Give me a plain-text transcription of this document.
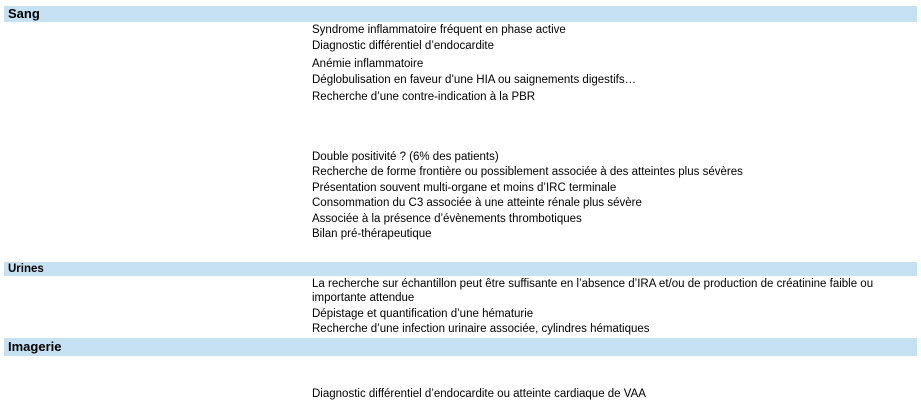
Sang
Syndrome inflammatoire fréquent en phase active
Diagnostic différentiel d’endocardite
Anémie inflammatoire
Déglobulisation en faveur d’une HIA ou saignements digestifs…
Recherche d’une contre-indication à la PBR
Double positivité ? (6% des patients)
Recherche de forme frontière ou possiblement associée à des atteintes plus sévères
Présentation souvent multi-organe et moins d’IRC terminale
Consommation du C3 associée à une atteinte rénale plus sévère
Associée à la présence d’évènements thrombotiques
Bilan pré-thérapeutique
Urines
La recherche sur échantillon peut être suffisante en l’absence d’IRA et/ou de production de créatinine faible ou importante attendue
Dépistage et quantification d’une hématurie
Recherche d’une infection urinaire associée, cylindres hématiques
Imagerie
Diagnostic différentiel d’endocardite ou atteinte cardiaque de VAA
